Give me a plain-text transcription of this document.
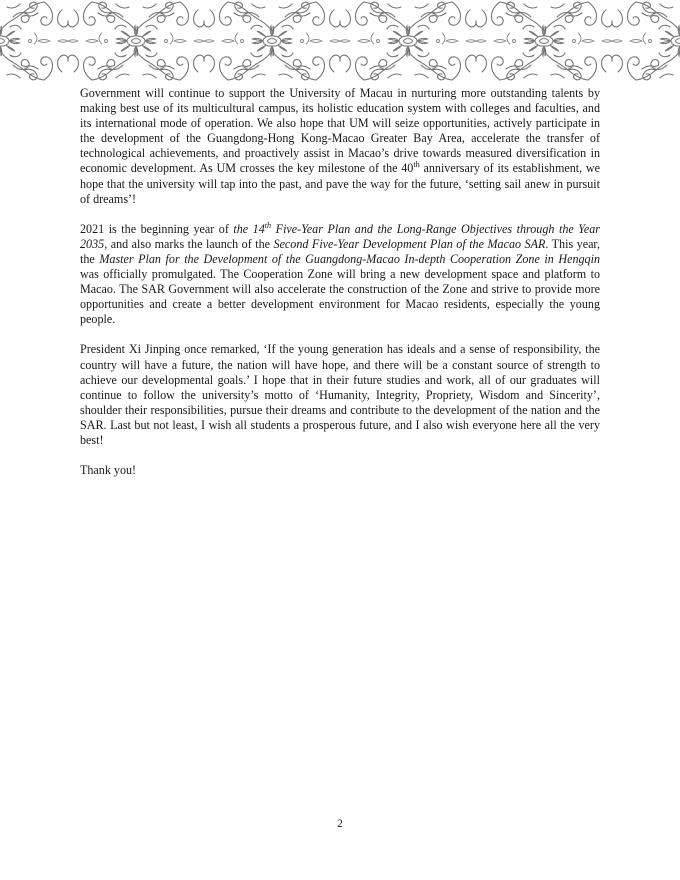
Government will continue to support the University of Macau in nurturing more outstanding talents by making best use of its multicultural campus, its holistic education system with colleges and faculties, and its international mode of operation. We also hope that UM will seize opportunities, actively participate in the development of the Guangdong-Hong Kong-Macao Greater Bay Area, accelerate the transfer of technological achievements, and proactively assist in Macao’s drive towards measured diversification in economic development. As UM crosses the key milestone of the 40th anniversary of its establishment, we hope that the university will tap into the past, and pave the way for the future, ‘setting sail anew in pursuit of dreams’!

2021 is the beginning year of the 14th Five-Year Plan and the Long-Range Objectives through the Year 2035, and also marks the launch of the Second Five-Year Development Plan of the Macao SAR. This year, the Master Plan for the Development of the Guangdong-Macao In-depth Cooperation Zone in Hengqin was officially promulgated. The Cooperation Zone will bring a new development space and platform to Macao. The SAR Government will also accelerate the construction of the Zone and strive to provide more opportunities and create a better development environment for Macao residents, especially the young people.

President Xi Jinping once remarked, ‘If the young generation has ideals and a sense of responsibility, the country will have a future, the nation will have hope, and there will be a constant source of strength to achieve our developmental goals.’ I hope that in their future studies and work, all of our graduates will continue to follow the university’s motto of ‘Humanity, Integrity, Propriety, Wisdom and Sincerity’, shoulder their responsibilities, pursue their dreams and contribute to the development of the nation and the SAR. Last but not least, I wish all students a prosperous future, and I also wish everyone here all the very best!

Thank you!

2
